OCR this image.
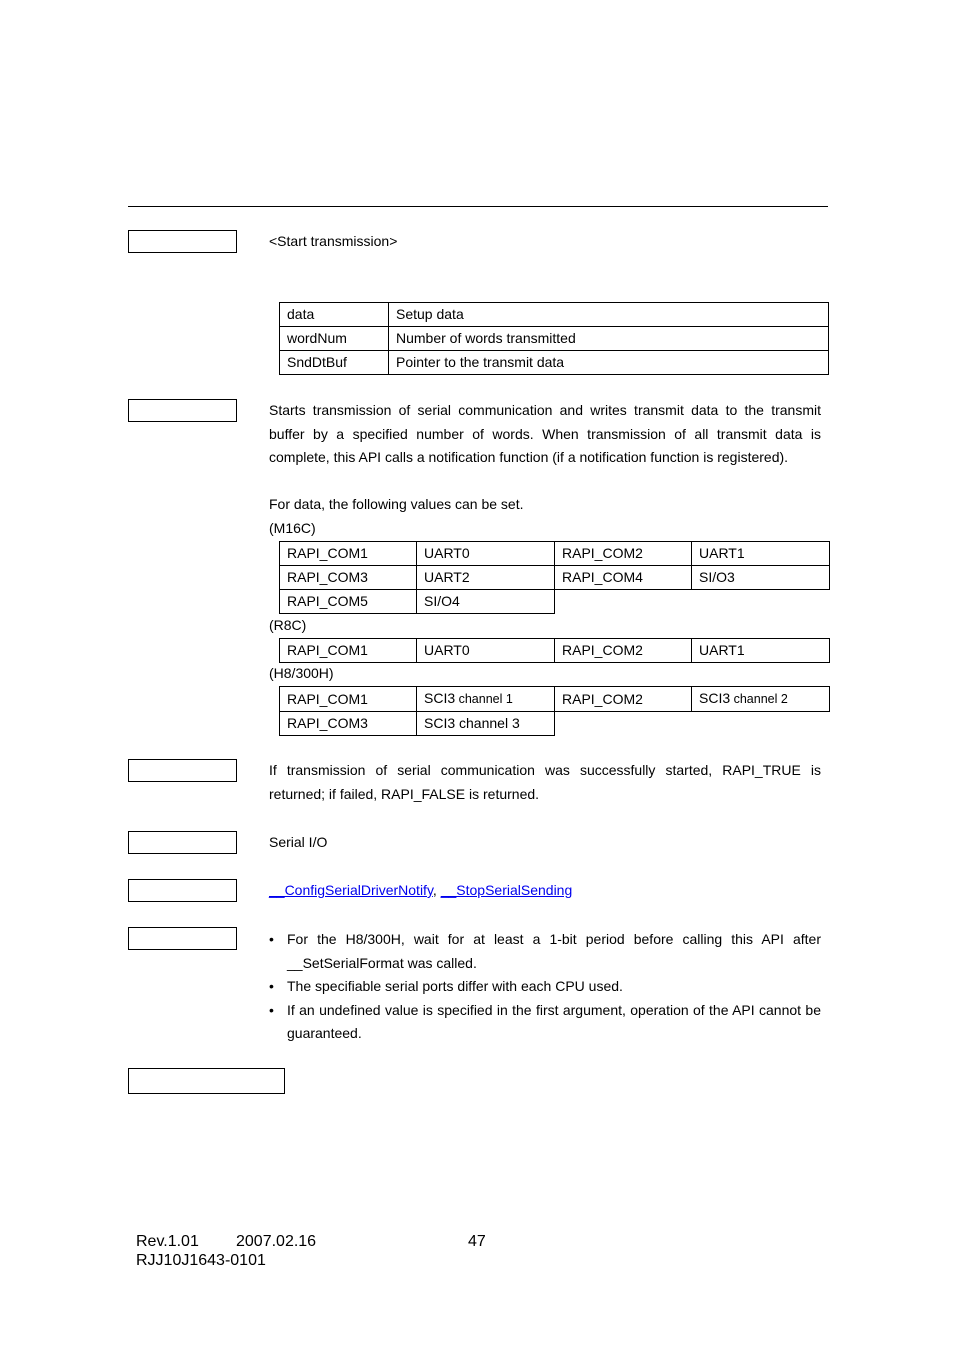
<Start transmission>
data	Setup data
wordNum	Number of words transmitted
SndDtBuf	Pointer to the transmit data
Starts transmission of serial communication and writes transmit data to the transmit buffer by a specified number of words. When transmission of all transmit data is complete, this API calls a notification function (if a notification function is registered).
For data, the following values can be set.
(M16C)
RAPI_COM1	UART0	RAPI_COM2	UART1
RAPI_COM3	UART2	RAPI_COM4	SI/O3
RAPI_COM5	SI/O4		
(R8C)
RAPI_COM1	UART0	RAPI_COM2	UART1
(H8/300H)
RAPI_COM1	SCI3 channel 1	RAPI_COM2	SCI3 channel 2
RAPI_COM3	SCI3 channel 3		
If transmission of serial communication was successfully started, RAPI_TRUE is returned; if failed, RAPI_FALSE is returned.
Serial I/O
__ConfigSerialDriverNotify, __StopSerialSending
• For the H8/300H, wait for at least a 1-bit period before calling this API after __SetSerialFormat was called.
• The specifiable serial ports differ with each CPU used.
• If an undefined value is specified in the first argument, operation of the API cannot be guaranteed.
Rev.1.01 2007.02.16	47
RJJ10J1643-0101
